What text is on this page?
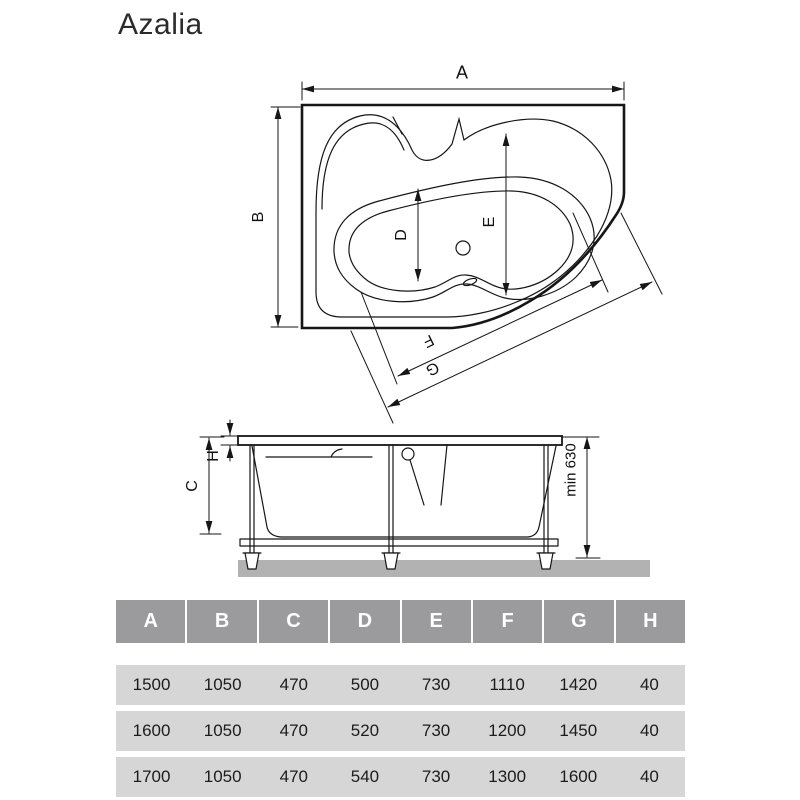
Azalia
A
B
D
E
F
G
H
C	min 630
A	B	C	D	E	F	G	H
1500	1050	470	500	730	1110	1420	40
1600	1050	470	520	730	1200	1450	40
1700	1050	470	540	730	1300	1600	40
